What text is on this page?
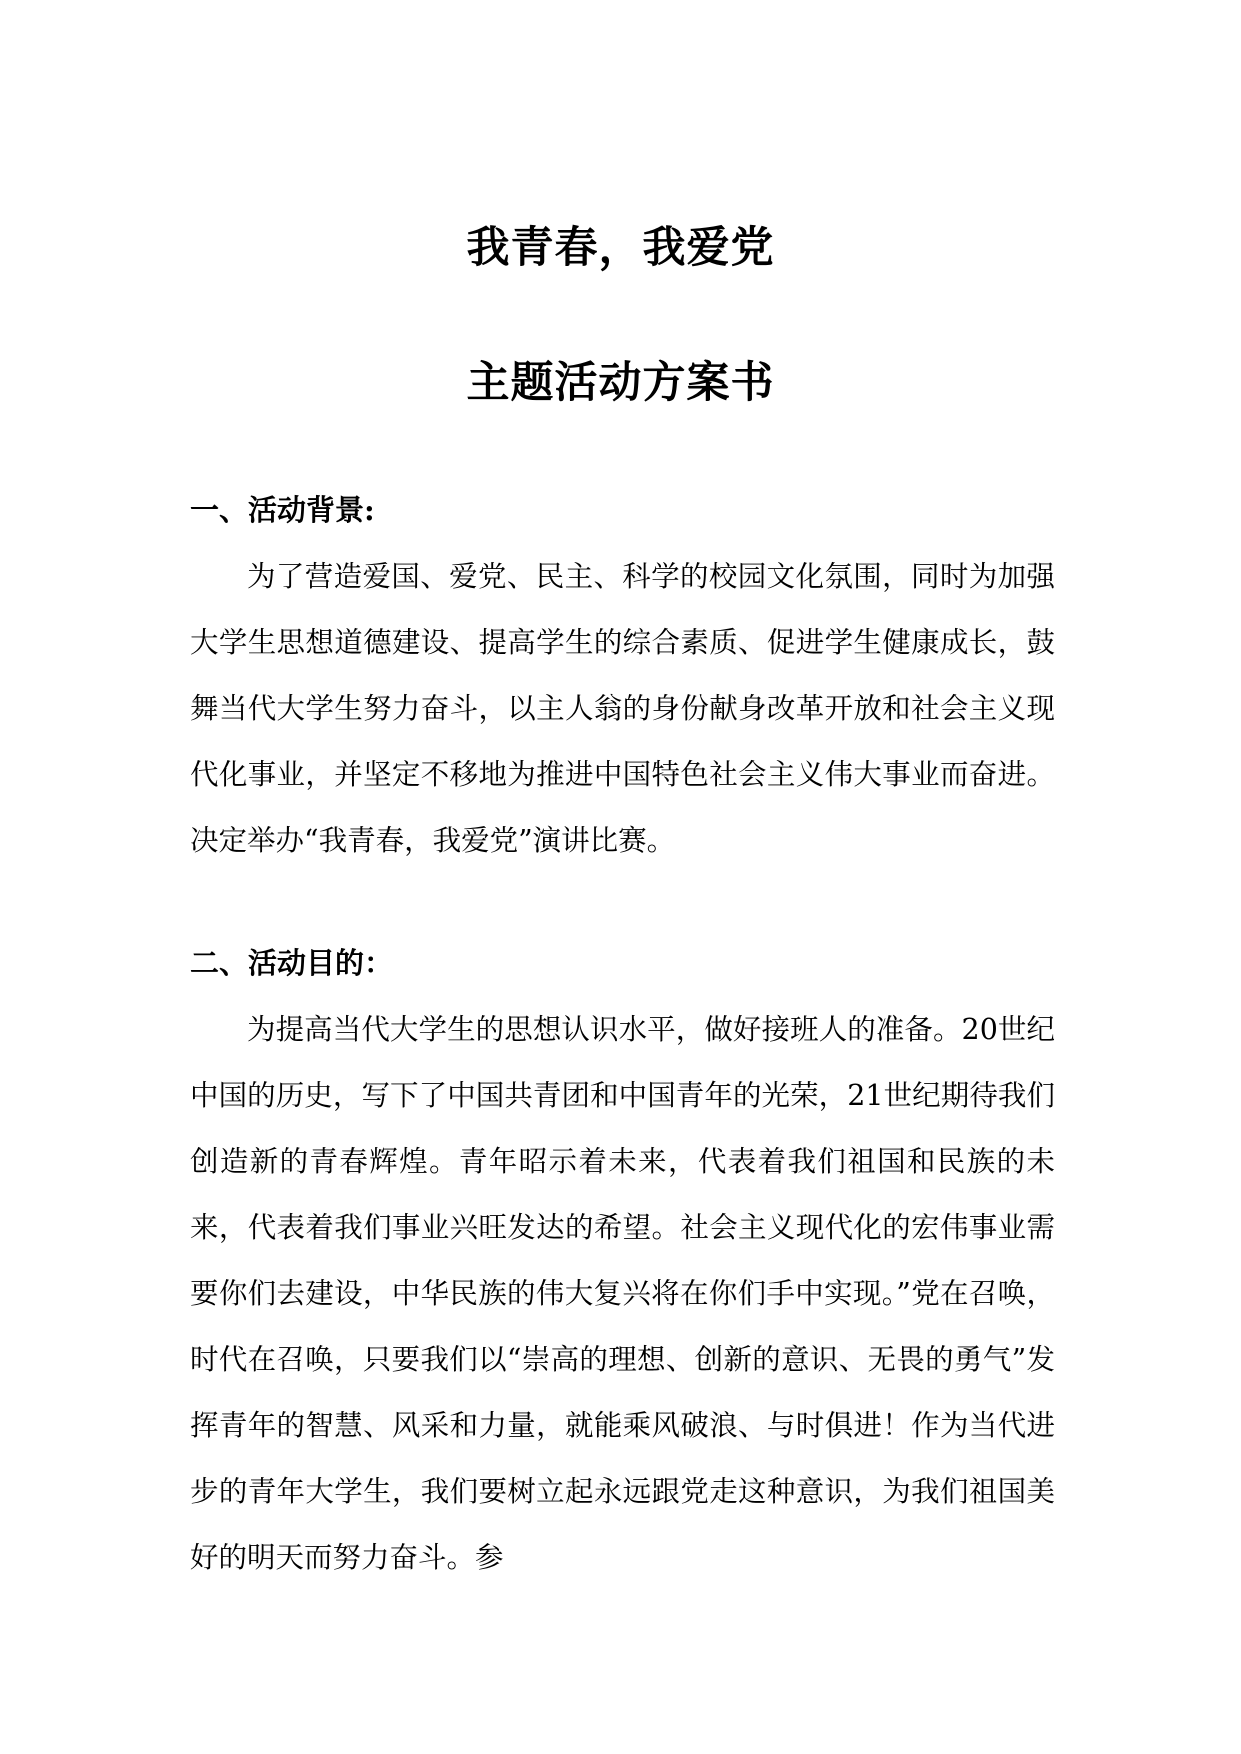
我青春，我爱党
主题活动方案书
一、活动背景:

为了营造爱国、爱党、民主、科学的校园文化氛围，同时为加强大学生思想道德建设、提高学生的综合素质、促进学生健康成长，鼓舞当代大学生努力奋斗，以主人翁的身份献身改革开放和社会主义现代化事业，并坚定不移地为推进中国特色社会主义伟大事业而奋进。决定举办“我青春，我爱党”演讲比赛。

二、活动目的：

为提高当代大学生的思想认识水平，做好接班人的准备。20世纪中国的历史，写下了中国共青团和中国青年的光荣，21世纪期待我们创造新的青春辉煌。青年昭示着未来，代表着我们祖国和民族的未来，代表着我们事业兴旺发达的希望。社会主义现代化的宏伟事业需要你们去建设，中华民族的伟大复兴将在你们手中实现。”党在召唤，时代在召唤，只要我们以“崇高的理想、创新的意识、无畏的勇气”发挥青年的智慧、风采和力量，就能乘风破浪、与时俱进！作为当代进步的青年大学生，我们要树立起永远跟党走这种意识，为我们祖国美好的明天而努力奋斗。参
